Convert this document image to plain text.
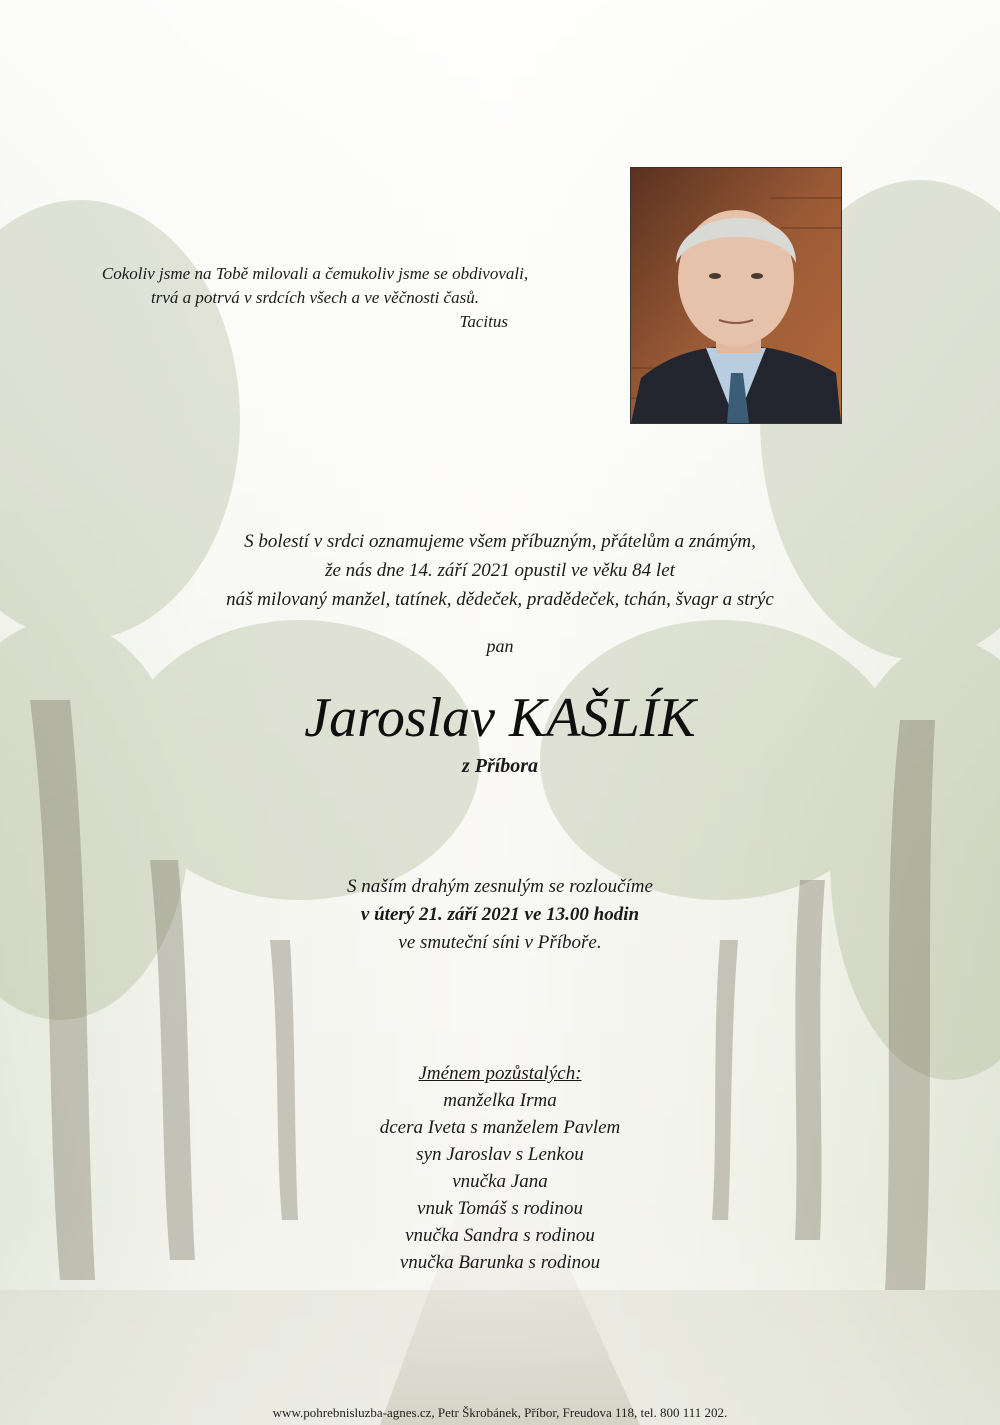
Cokoliv jsme na Tobě milovali a čemukoliv jsme se obdivovali,
trvá a potrvá v srdcích všech a ve věčnosti časů.

Tacitus
S bolestí v srdci oznamujeme všem příbuzným, přátelům a známým,
že nás dne 14. září 2021 opustil ve věku 84 let
náš milovaný manžel, tatínek, dědeček, pradědeček, tchán, švagr a strýc
pan
Jaroslav KAŠLÍK
z Příbora
S naším drahým zesnulým se rozloučíme
v úterý 21. září 2021 ve 13.00 hodin
ve smuteční síni v Příboře.
Jménem pozůstalých:
manželka Irma
dcera Iveta s manželem Pavlem
syn Jaroslav s Lenkou
vnučka Jana
vnuk Tomáš s rodinou
vnučka Sandra s rodinou
vnučka Barunka s rodinou
www.pohrebnisluzba-agnes.cz, Petr Škrobánek, Příbor, Freudova 118, tel. 800 111 202.
